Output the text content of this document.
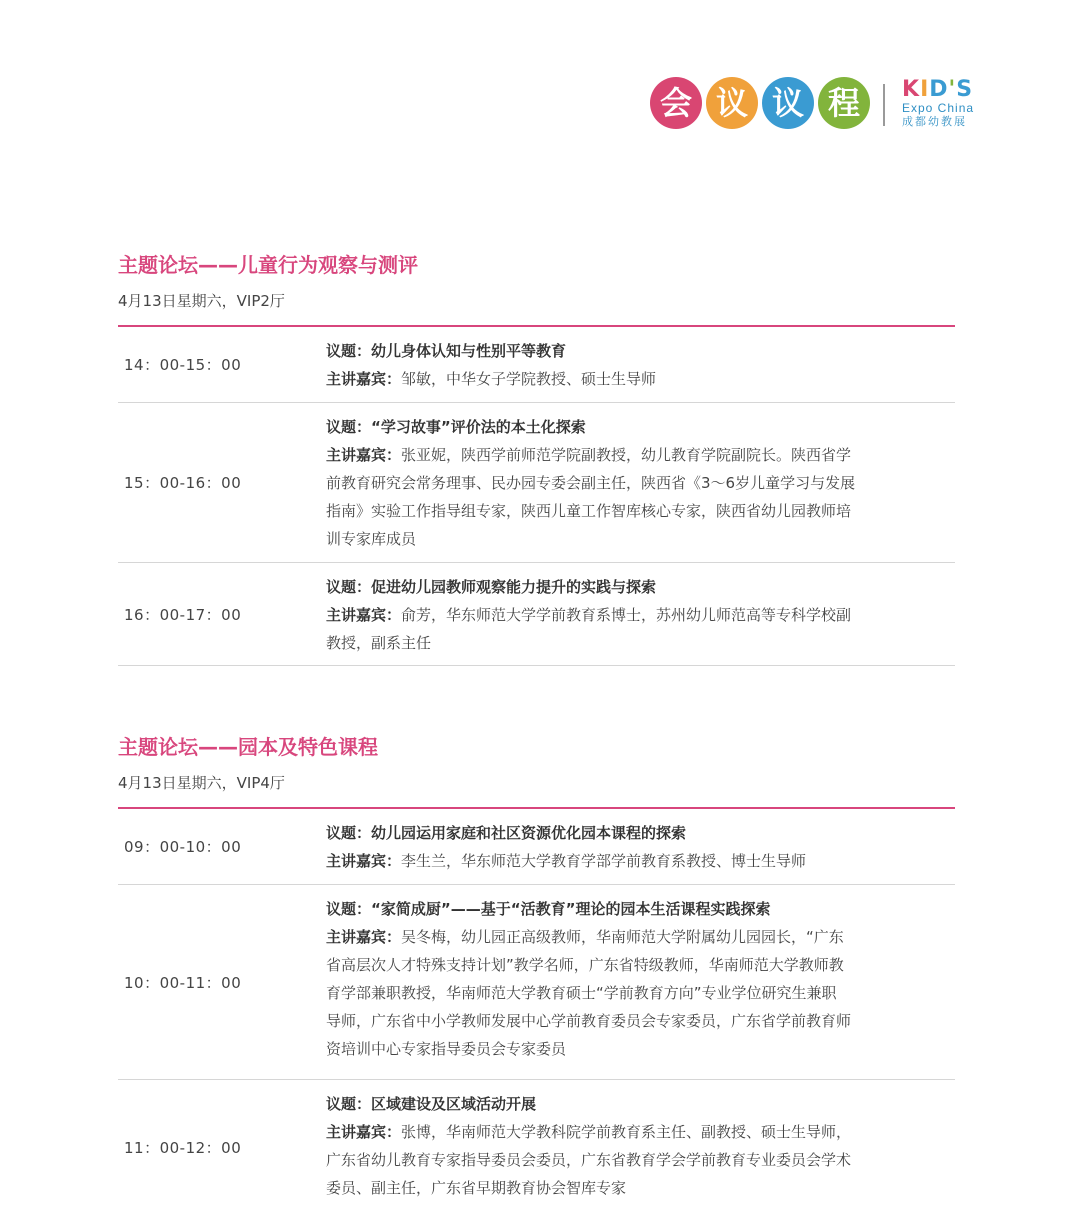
会 议 议 程	KID'S
Expo China
成都幼教展
主题论坛——儿童行为观察与测评
4月13日星期六，VIP2厅
14：00-15：00
议题：幼儿身体认知与性别平等教育
主讲嘉宾：邹敏，中华女子学院教授、硕士生导师
15：00-16：00
议题：“学习故事”评价法的本土化探索
主讲嘉宾：张亚妮，陕西学前师范学院副教授，幼儿教育学院副院长。陕西省学
前教育研究会常务理事、民办园专委会副主任，陕西省《3～6岁儿童学习与发展
指南》实验工作指导组专家，陕西儿童工作智库核心专家，陕西省幼儿园教师培
训专家库成员
16：00-17：00
议题：促进幼儿园教师观察能力提升的实践与探索
主讲嘉宾：俞芳，华东师范大学学前教育系博士，苏州幼儿师范高等专科学校副
教授，副系主任
主题论坛——园本及特色课程
4月13日星期六，VIP4厅
09：00-10：00
议题：幼儿园运用家庭和社区资源优化园本课程的探索
主讲嘉宾：李生兰，华东师范大学教育学部学前教育系教授、博士生导师
10：00-11：00
议题：“家简成厨”——基于“活教育”理论的园本生活课程实践探索
主讲嘉宾：吴冬梅，幼儿园正高级教师，华南师范大学附属幼儿园园长，“广东
省高层次人才特殊支持计划”教学名师，广东省特级教师，华南师范大学教师教
育学部兼职教授，华南师范大学教育硕士“学前教育方向”专业学位研究生兼职
导师，广东省中小学教师发展中心学前教育委员会专家委员，广东省学前教育师
资培训中心专家指导委员会专家委员
11：00-12：00
议题：区域建设及区域活动开展
主讲嘉宾：张博，华南师范大学教科院学前教育系主任、副教授、硕士生导师，
广东省幼儿教育专家指导委员会委员，广东省教育学会学前教育专业委员会学术
委员、副主任，广东省早期教育协会智库专家
